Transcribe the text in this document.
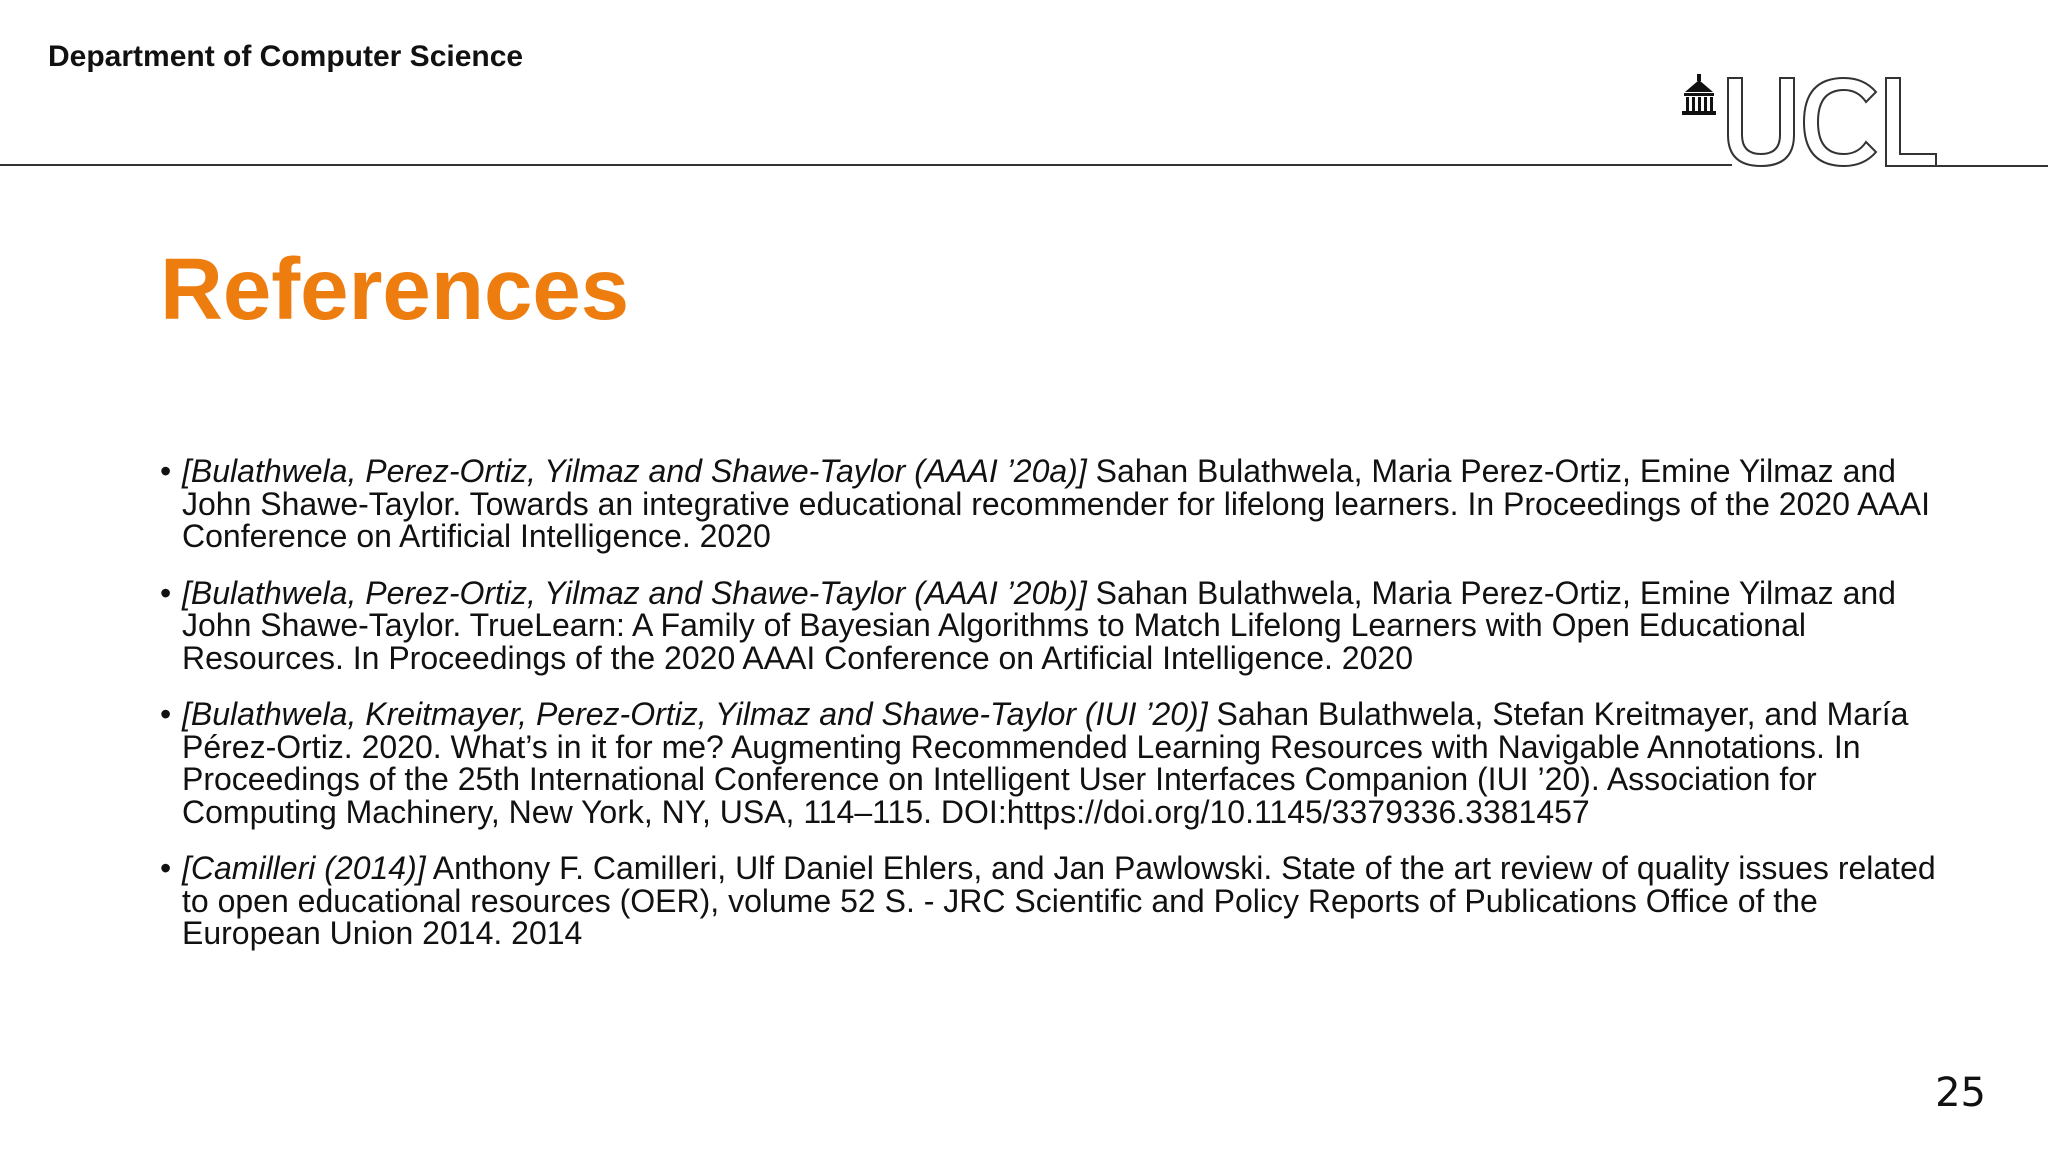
Department of Computer Science
UCL
References
• [Bulathwela, Perez-Ortiz, Yilmaz and Shawe-Taylor (AAAI ’20a)] Sahan Bulathwela, Maria Perez-Ortiz, Emine Yilmaz and John Shawe-Taylor. Towards an integrative educational recommender for lifelong learners. In Proceedings of the 2020 AAAI Conference on Artificial Intelligence. 2020
• [Bulathwela, Perez-Ortiz, Yilmaz and Shawe-Taylor (AAAI ’20b)] Sahan Bulathwela, Maria Perez-Ortiz, Emine Yilmaz and John Shawe-Taylor. TrueLearn: A Family of Bayesian Algorithms to Match Lifelong Learners with Open Educational Resources. In Proceedings of the 2020 AAAI Conference on Artificial Intelligence. 2020
• [Bulathwela, Kreitmayer, Perez-Ortiz, Yilmaz and Shawe-Taylor (IUI ’20)] Sahan Bulathwela, Stefan Kreitmayer, and María Pérez-Ortiz. 2020. What’s in it for me? Augmenting Recommended Learning Resources with Navigable Annotations. In Proceedings of the 25th International Conference on Intelligent User Interfaces Companion (IUI ’20). Association for Computing Machinery, New York, NY, USA, 114–115. DOI:https://doi.org/10.1145/3379336.3381457
• [Camilleri (2014)] Anthony F. Camilleri, Ulf Daniel Ehlers, and Jan Pawlowski. State of the art review of quality issues related to open educational resources (OER), volume 52 S. - JRC Scientific and Policy Reports of Publications Office of the European Union 2014. 2014
25
